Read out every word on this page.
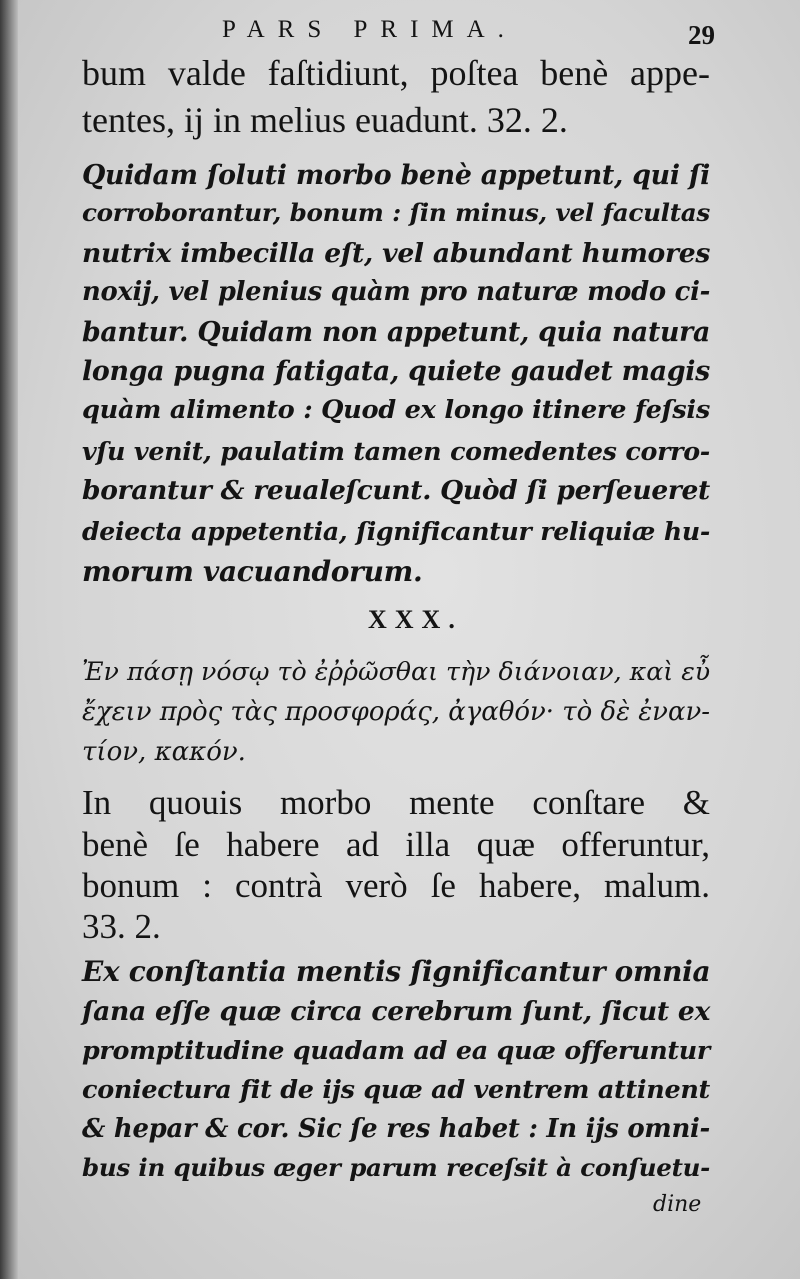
PARS PRIMA.	29
bum valde faſtidiunt, poſtea benè appe-
tentes, ij in melius euadunt. 32. 2.
Quidam ſoluti morbo benè appetunt, qui ſi
corroborantur, bonum : ſin minus, vel facultas
nutrix imbecilla eſt, vel abundant humores
noxij, vel plenius quàm pro naturæ modo ci-
bantur. Quidam non appetunt, quia natura
longa pugna fatigata, quiete gaudet magis
quàm alimento : Quod ex longo itinere feſsis
vſu venit, paulatim tamen comedentes corro-
borantur & reualeſcunt. Quòd ſi perſeueret
deiecta appetentia, ſignificantur reliquiæ hu-
morum vacuandorum.
XXX.
Ἐν πάσῃ νόσῳ τὸ ἐῤῥῶσθαι τὴν διάνοιαν, καὶ εὖ
ἔχειν πρὸς τὰς προσφοράς, ἀγαθόν· τὸ δὲ ἐναν-
τίον, κακόν.
In quouis morbo mente conſtare &
benè ſe habere ad illa quæ offeruntur,
bonum : contrà verò ſe habere, malum.
33. 2.
Ex conſtantia mentis ſignificantur omnia
ſana eſſe quæ circa cerebrum ſunt, ſicut ex
promptitudine quadam ad ea quæ offeruntur
coniectura fit de ijs quæ ad ventrem attinent
& hepar & cor. Sic ſe res habet : In ijs omni-
bus in quibus æger parum receſsit à conſuetu-
dine
